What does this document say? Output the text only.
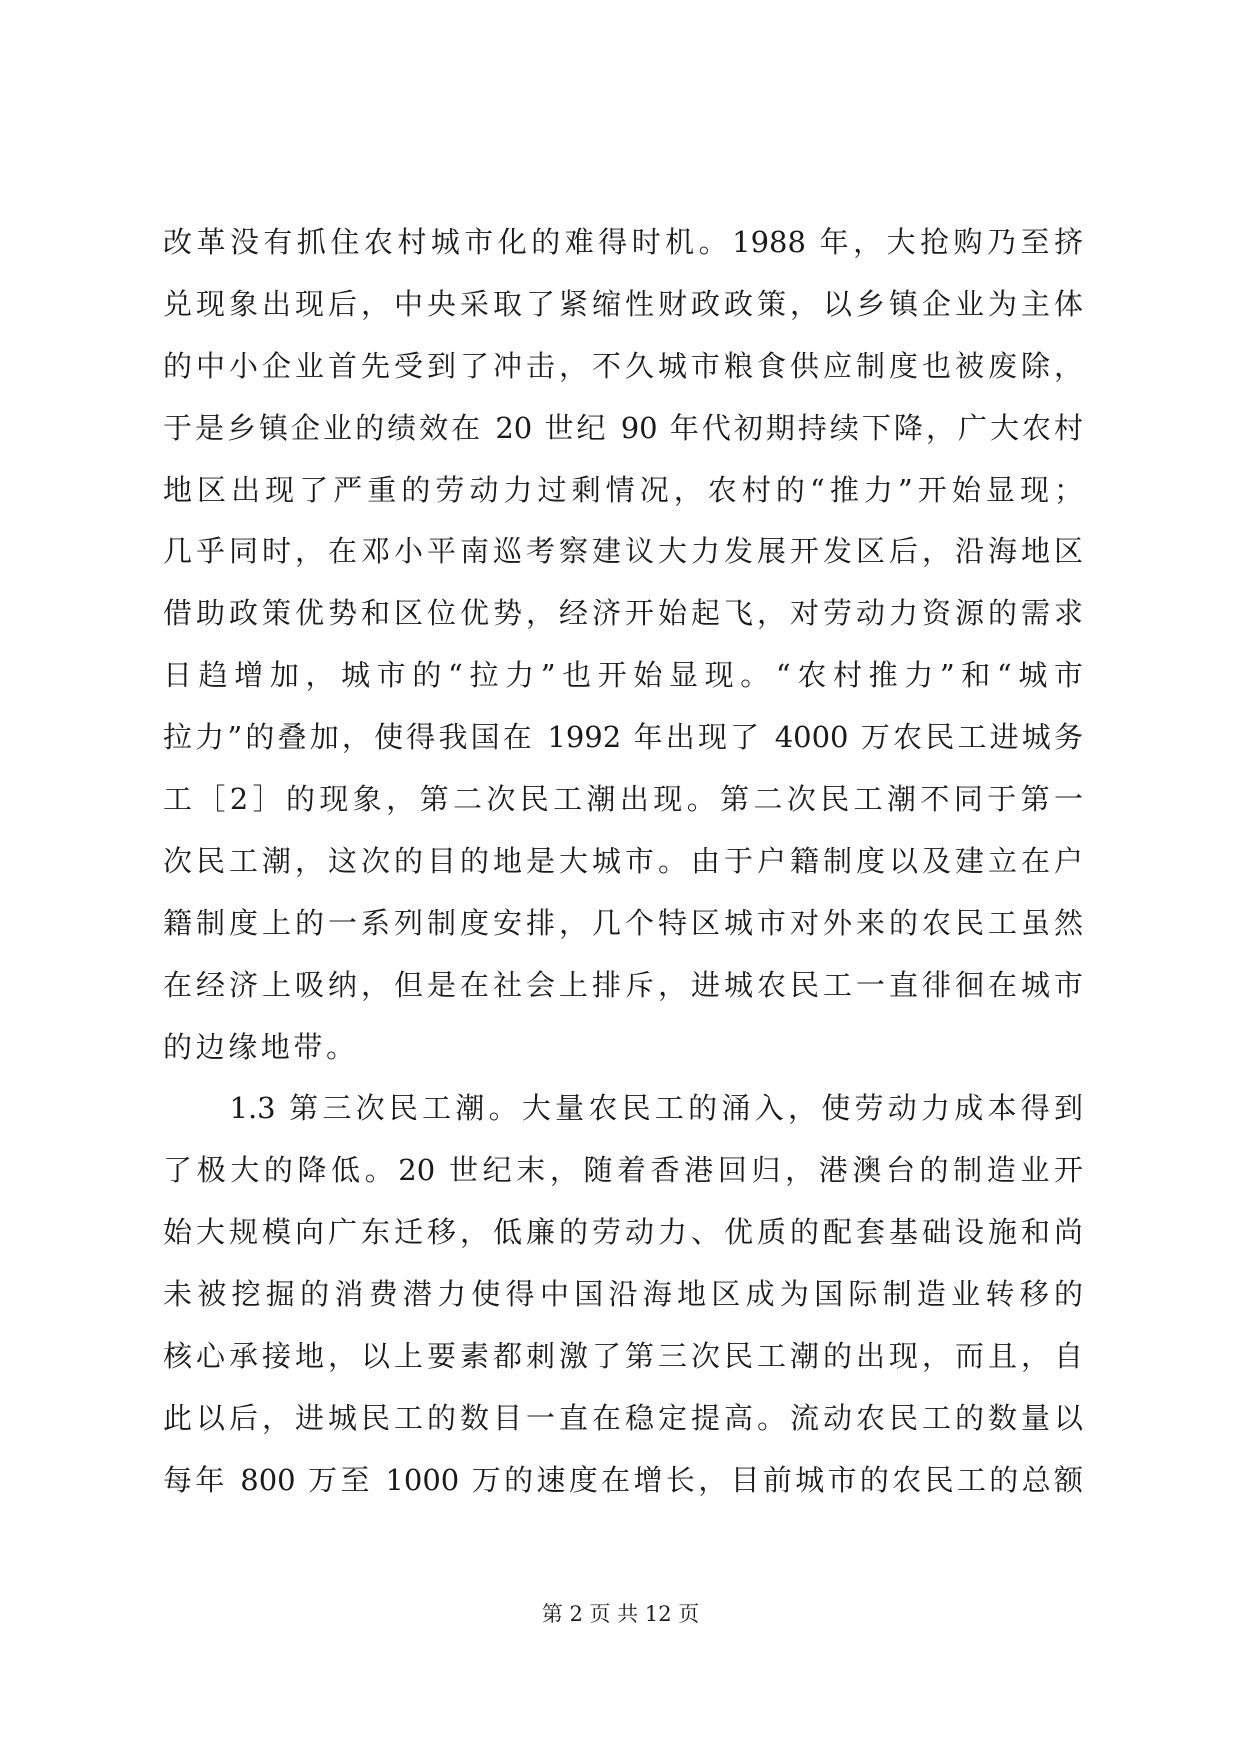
改革没有抓住农村城市化的难得时机。1988 年，大抢购乃至挤
兑现象出现后，中央采取了紧缩性财政政策，以乡镇企业为主体
的中小企业首先受到了冲击，不久城市粮食供应制度也被废除，
于是乡镇企业的绩效在 20 世纪 90 年代初期持续下降，广大农村
地区出现了严重的劳动力过剩情况，农村的“推力”开始显现；
几乎同时，在邓小平南巡考察建议大力发展开发区后，沿海地区
借助政策优势和区位优势，经济开始起飞，对劳动力资源的需求
日趋增加，城市的“拉力”也开始显现。“农村推力”和“城市
拉力”的叠加，使得我国在 1992 年出现了 4000 万农民工进城务
工［2］的现象，第二次民工潮出现。第二次民工潮不同于第一
次民工潮，这次的目的地是大城市。由于户籍制度以及建立在户
籍制度上的一系列制度安排，几个特区城市对外来的农民工虽然
在经济上吸纳，但是在社会上排斥，进城农民工一直徘徊在城市
的边缘地带。
　　1.3 第三次民工潮。大量农民工的涌入，使劳动力成本得到
了极大的降低。20 世纪末，随着香港回归，港澳台的制造业开
始大规模向广东迁移，低廉的劳动力、优质的配套基础设施和尚
未被挖掘的消费潜力使得中国沿海地区成为国际制造业转移的
核心承接地，以上要素都刺激了第三次民工潮的出现，而且，自
此以后，进城民工的数目一直在稳定提高。流动农民工的数量以
每年 800 万至 1000 万的速度在增长，目前城市的农民工的总额
第 2 页 共 12 页
